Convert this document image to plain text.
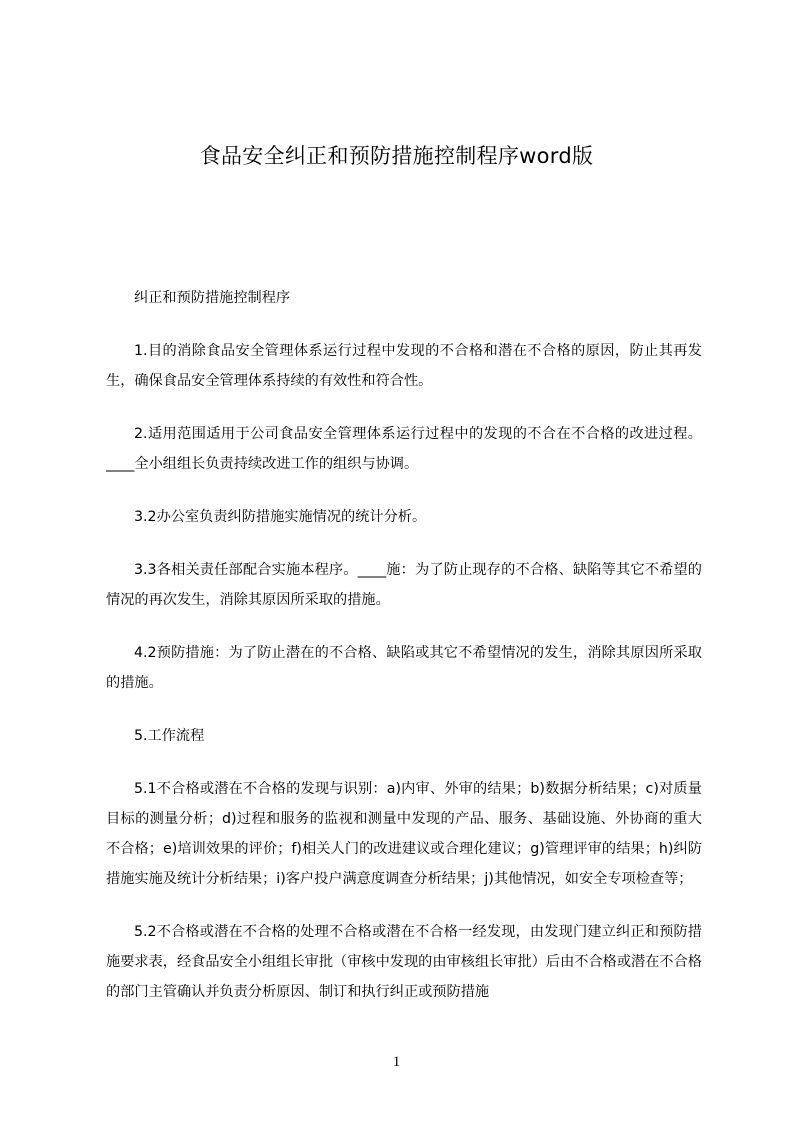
食品安全纠正和预防措施控制程序word版

纠正和预防措施控制程序

1.目的消除食品安全管理体系运行过程中发现的不合格和潜在不合格的原因，防止其再发生，确保食品安全管理体系持续的有效性和符合性。

2.适用范围适用于公司食品安全管理体系运行过程中的发现的不合在不合格的改进过程。____全小组组长负责持续改进工作的组织与协调。

3.2办公室负责纠防措施实施情况的统计分析。

3.3各相关责任部配合实施本程序。____施：为了防止现存的不合格、缺陷等其它不希望的情况的再次发生，消除其原因所采取的措施。

4.2预防措施：为了防止潜在的不合格、缺陷或其它不希望情况的发生，消除其原因所采取的措施。

5.工作流程

5.1不合格或潜在不合格的发现与识别：a)内审、外审的结果；b)数据分析结果；c)对质量目标的测量分析；d)过程和服务的监视和测量中发现的产品、服务、基础设施、外协商的重大不合格；e)培训效果的评价；f)相关人门的改进建议或合理化建议；g)管理评审的结果；h)纠防措施实施及统计分析结果；i)客户投户满意度调查分析结果；j)其他情况，如安全专项检查等；

5.2不合格或潜在不合格的处理不合格或潜在不合格一经发现，由发现门建立纠正和预防措施要求表，经食品安全小组组长审批（审核中发现的由审核组长审批）后由不合格或潜在不合格的部门主管确认并负责分析原因、制订和执行纠正或预防措施

1
